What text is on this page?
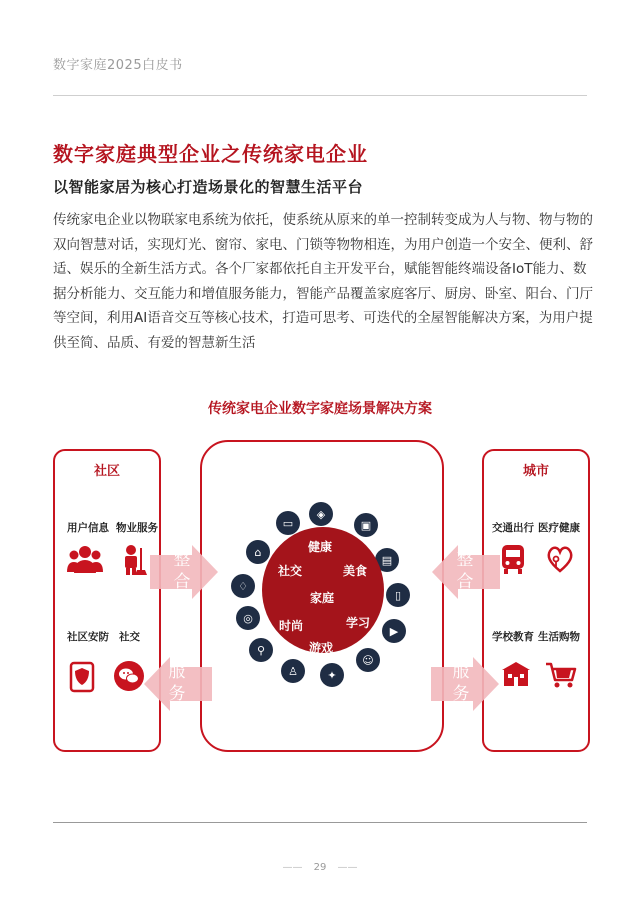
数字家庭2025白皮书
数字家庭典型企业之传统家电企业
以智能家居为核心打造场景化的智慧生活平台
传统家电企业以物联家电系统为依托，使系统从原来的单一控制转变成为人与物、物与物的双向智慧对话，实现灯光、窗帘、家电、门锁等物物相连，为用户创造一个安全、便利、舒适、娱乐的全新生活方式。各个厂家都依托自主开发平台，赋能智能终端设备IoT能力、数据分析能力、交互能力和增值服务能力，智能产品覆盖家庭客厅、厨房、卧室、阳台、门厅等空间，利用AI语音交互等核心技术，打造可思考、可迭代的全屋智能解决方案，为用户提供至简、品质、有爱的智慧新生活
传统家电企业数字家庭场景解决方案
社区
用户信息 物业服务
社区安防 社交
城市
交通出行 医疗健康
学校教育 生活购物
整
合
服
务
整
合
服
务
◈
▭	▣
⌂
▤
♢
▯
◎
▶
⚲
☺
♙	✦
健康
社交	美食
家庭
时尚	学习
游戏
—— 29 ——
